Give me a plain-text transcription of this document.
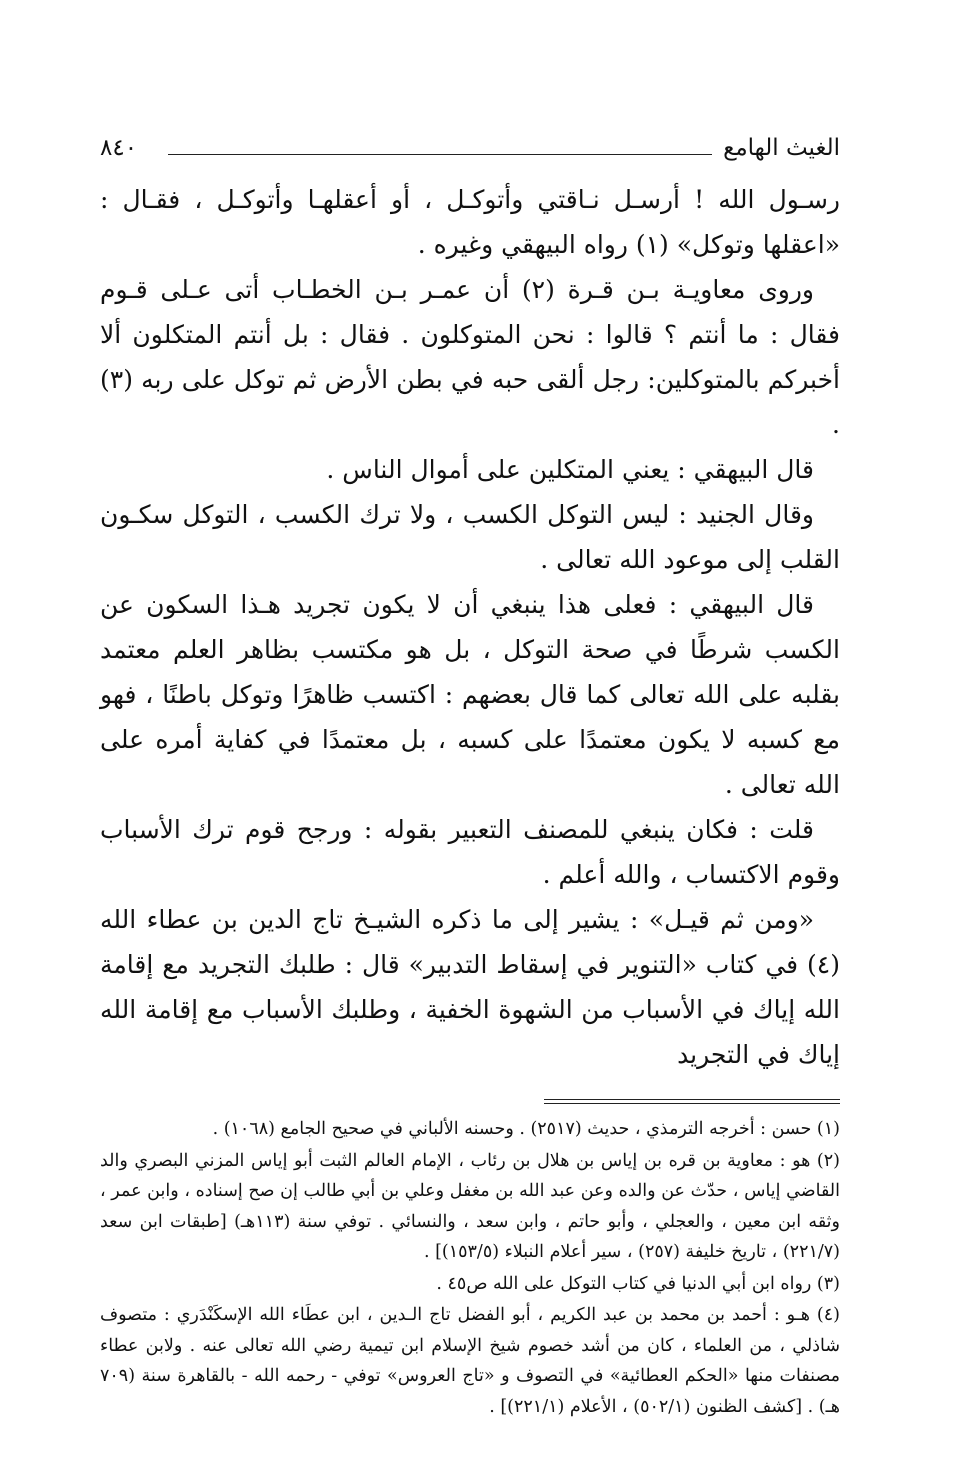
الغيث الهامع
٨٤٠

رسـول الله ! أرسـل نـاقتي وأتوكـل ، أو أعقلهـا وأتوكـل ، فقـال : «اعقلها وتوكل» (١) رواه البيهقي وغيره .

وروى معاويـة بـن قـرة (٢) أن عمـر بـن الخطـاب أتى عـلى قـوم فقال : ما أنتم ؟ قالوا : نحن المتوكلون . فقال : بل أنتم المتكلون ألا أخبركم بالمتوكلين: رجل ألقى حبه في بطن الأرض ثم توكل على ربه (٣) .

قال البيهقي : يعني المتكلين على أموال الناس .

وقال الجنيد : ليس التوكل الكسب ، ولا ترك الكسب ، التوكل سكـون القلب إلى موعود الله تعالى .

قال البيهقي : فعلى هذا ينبغي أن لا يكون تجريد هـذا السكون عن الكسب شرطًا في صحة التوكل ، بل هو مكتسب بظاهر العلم معتمد بقلبه على الله تعالى كما قال بعضهم : اكتسب ظاهرًا وتوكل باطنًا ، فهو مع كسبه لا يكون معتمدًا على كسبه ، بل معتمدًا في كفاية أمره على الله تعالى .

قلت : فكان ينبغي للمصنف التعبير بقوله : ورجح قوم ترك الأسباب وقوم الاكتساب ، والله أعلم .

«ومن ثم قيـل» : يشير إلى ما ذكره الشيـخ تاج الدين بن عطاء الله (٤) في كتاب «التنوير في إسقاط التدبير» قال : طلبك التجريد مع إقامة الله إياك في الأسباب من الشهوة الخفية ، وطلبك الأسباب مع إقامة الله إياك في التجريد

(١) حسن : أخرجه الترمذي ، حديث (٢٥١٧) . وحسنه الألباني في صحيح الجامع (١٠٦٨) .

(٢) هو : معاوية بن قره بن إياس بن هلال بن رئاب ، الإمام العالم الثبت أبو إياس المزني البصري والد القاضي إياس ، حدّث عن والده وعن عبد الله بن مغفل وعلي بن أبي طالب إن صح إسناده ، وابن عمر ، وثقه ابن معين ، والعجلي ، وأبو حاتم ، وابن سعد ، والنسائي . توفي سنة (١١٣هـ) [طبقات ابن سعد (٢٢١/٧) ، تاريخ خليفة (٢٥٧) ، سير أعلام النبلاء (١٥٣/٥)] .

(٣) رواه ابن أبي الدنيا في كتاب التوكل على الله ص٤٥ .

(٤) هـو : أحمد بن محمد بن عبد الكريم ، أبو الفضل تاج الـدين ، ابن عطَاء الله الإسكَنْدَري : متصوف شاذلي ، من العلماء ، كان من أشد خصوم شيخ الإسلام ابن تيمية رضي الله تعالى عنه . ولابن عطاء مصنفات منها «الحكم العطائية» في التصوف و «تاج العروس» توفي - رحمه الله - بالقاهرة سنة (٧٠٩ هـ) . [كشف الظنون (٥٠٢/١) ، الأعلام (٢٢١/١)] .
